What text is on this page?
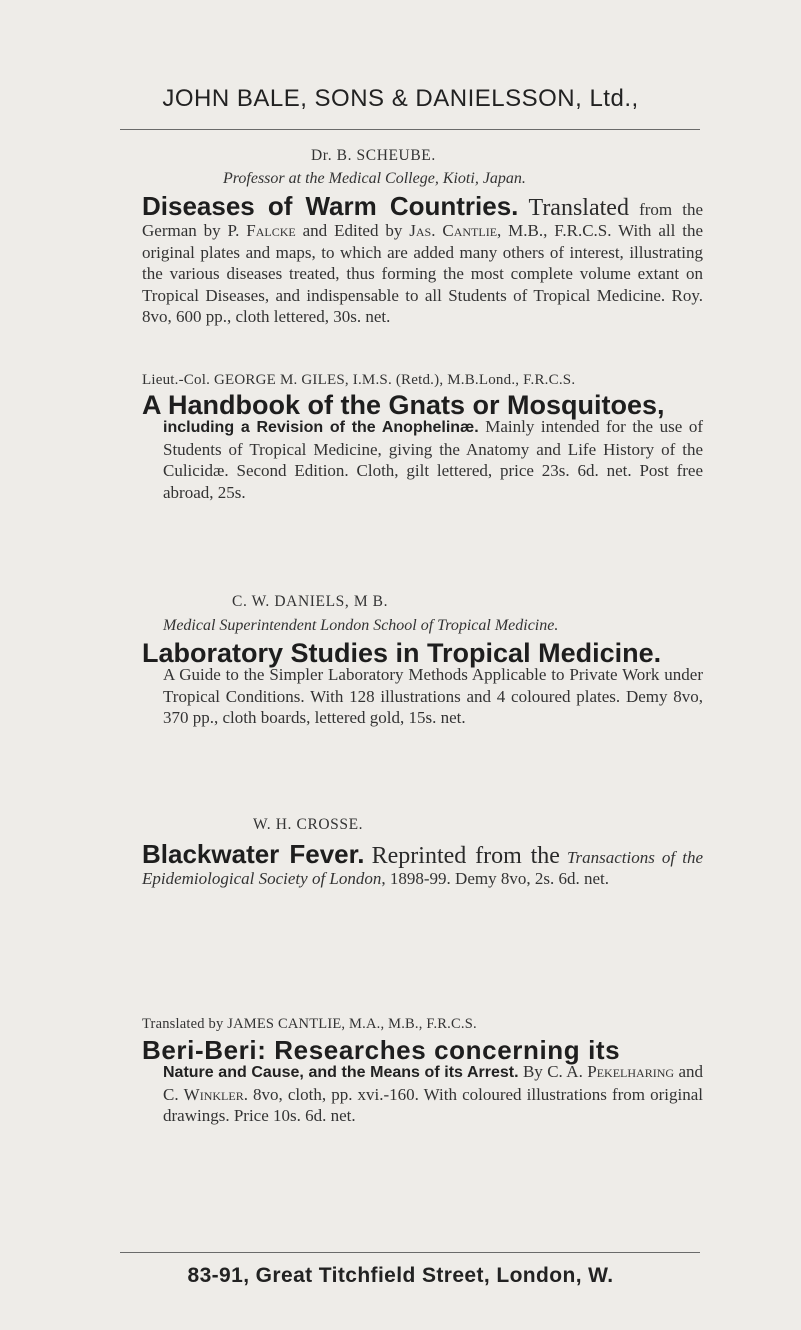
JOHN BALE, SONS & DANIELSSON, Ltd.,
Dr. B. SCHEUBE.
Professor at the Medical College, Kioti, Japan.
Diseases of Warm Countries. Translated from the German by P. Falcke and Edited by Jas. Cantlie, M.B., F.R.C.S. With all the original plates and maps, to which are added many others of interest, illustrating the various diseases treated, thus forming the most complete volume extant on Tropical Diseases, and indispensable to all Students of Tropical Medicine. Roy. 8vo, 600 pp., cloth lettered, 30s. net.
Lieut.-Col. GEORGE M. GILES, I.M.S. (Retd.), M.B.Lond., F.R.C.S.
A Handbook of the Gnats or Mosquitoes,
including a Revision of the Anophelinæ. Mainly intended for the use of Students of Tropical Medicine, giving the Anatomy and Life History of the Culicidæ. Second Edition. Cloth, gilt lettered, price 23s. 6d. net. Post free abroad, 25s.
C. W. DANIELS, M B.
Medical Superintendent London School of Tropical Medicine.
Laboratory Studies in Tropical Medicine.
A Guide to the Simpler Laboratory Methods Applicable to Private Work under Tropical Conditions. With 128 illustrations and 4 coloured plates. Demy 8vo, 370 pp., cloth boards, lettered gold, 15s. net.
W. H. CROSSE.
Blackwater Fever. Reprinted from the Transactions of the Epidemiological Society of London, 1898-99. Demy 8vo, 2s. 6d. net.
Translated by JAMES CANTLIE, M.A., M.B., F.R.C.S.
Beri-Beri: Researches concerning its
Nature and Cause, and the Means of its Arrest. By C. A. Pekelharing and C. Winkler. 8vo, cloth, pp. xvi.-160. With coloured illustrations from original drawings. Price 10s. 6d. net.
83-91, Great Titchfield Street, London, W.
